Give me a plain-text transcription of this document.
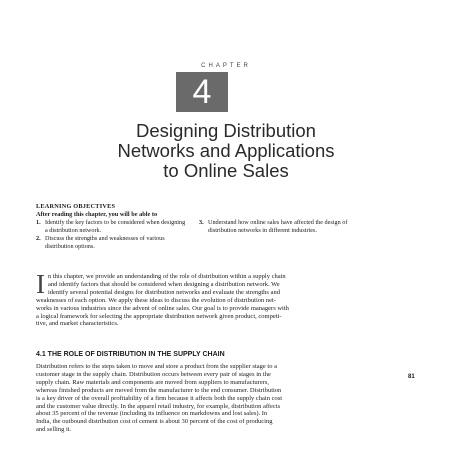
CHAPTER
4
Designing Distribution
Networks and Applications
to Online Sales
LEARNING OBJECTIVES
After reading this chapter, you will be able to
1. Identify the key factors to be considered when designing a distribution network.
2. Discuss the strengths and weaknesses of various distribution options.
3. Understand how online sales have affected the design of distribution networks in different industries.
I n this chapter, we provide an understanding of the role of distribution within a supply chain
and identify factors that should be considered when designing a distribution network. We
identify several potential designs for distribution networks and evaluate the strengths and
weaknesses of each option. We apply these ideas to discuss the evolution of distribution net-
works in various industries since the advent of online sales. Our goal is to provide managers with
a logical framework for selecting the appropriate distribution network given product, competi-
tive, and market characteristics.
4.1 THE ROLE OF DISTRIBUTION IN THE SUPPLY CHAIN
Distribution refers to the steps taken to move and store a product from the supplier stage to a
customer stage in the supply chain. Distribution occurs between every pair of stages in the
supply chain. Raw materials and components are moved from suppliers to manufacturers,
whereas finished products are moved from the manufacturer to the end consumer. Distribution
is a key driver of the overall profitability of a firm because it affects both the supply chain cost
and the customer value directly. In the apparel retail industry, for example, distribution affects
about 35 percent of the revenue (including its influence on markdowns and lost sales). In
India, the outbound distribution cost of cement is about 30 percent of the cost of producing
and selling it.
81
